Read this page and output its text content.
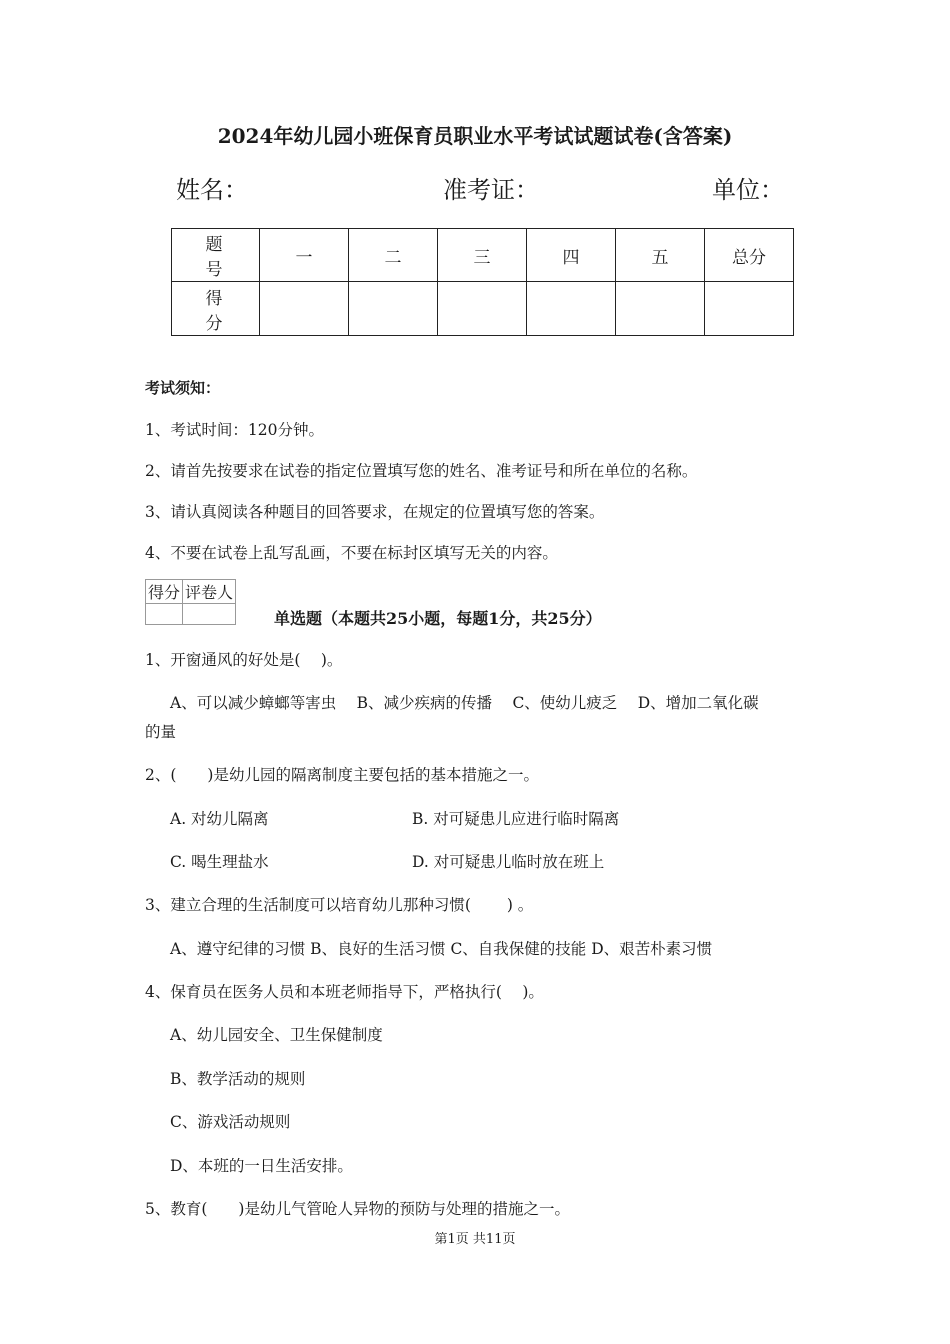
2024年幼儿园小班保育员职业水平考试试题试卷(含答案)
姓名：	准考证：	单位：
题 号	一	二	三	四	五	总分
得 分						
考试须知：
1、考试时间：120分钟。
2、请首先按要求在试卷的指定位置填写您的姓名、准考证号和所在单位的名称。
3、请认真阅读各种题目的回答要求，在规定的位置填写您的答案。
4、不要在试卷上乱写乱画，不要在标封区填写无关的内容。
得分	评卷人

单选题（本题共25小题，每题1分，共25分）
1、开窗通风的好处是(　 )。
A、可以减少蟑螂等害虫　 B、减少疾病的传播　 C、使幼儿疲乏　 D、增加二氧化碳
的量
2、(　　)是幼儿园的隔离制度主要包括的基本措施之一。
A. 对幼儿隔离	B. 对可疑患儿应进行临时隔离
C. 喝生理盐水	D. 对可疑患儿临时放在班上
3、建立合理的生活制度可以培育幼儿那种习惯(　　 ) 。
A、遵守纪律的习惯 B、良好的生活习惯 C、自我保健的技能 D、艰苦朴素习惯
4、保育员在医务人员和本班老师指导下，严格执行(　 )。
A、幼儿园安全、卫生保健制度
B、教学活动的规则
C、游戏活动规则
D、本班的一日生活安排。
5、教育(　　)是幼儿气管呛人异物的预防与处理的措施之一。
第1页 共11页
